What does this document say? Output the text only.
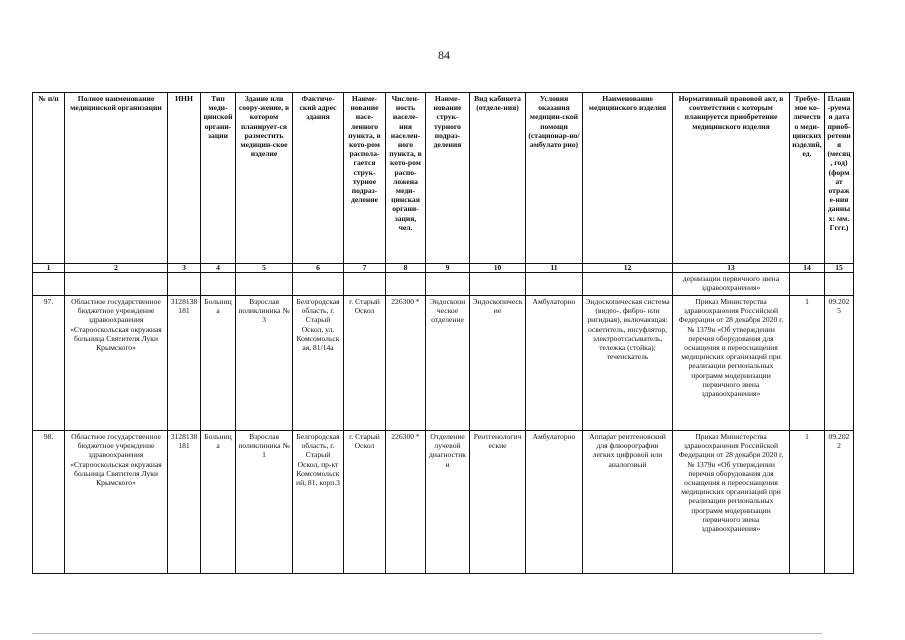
84
№ п/п	Полное наименование медицинской организации	ИНН	Тип меди-цинской органи-зации	Здание или соору-жение, в котором планирует-ся разместить медицин-ское изделие	Фактиче-ский адрес здания	Наиме-нование насе-ленного пункта, в кото-ром распола-гается струк-турное подраз-деление	Числен-ность населе-ния населен-ного пункта, в кото-ром распо-ложена меди-цинская органи-зация, чел.	Наиме-нование струк-турного подраз-деления	Вид кабинета (отделе-ния)	Условия оказания медицин-ской помощи (стационар-но/амбулато рно)	Наименование медицинского изделия	Нормативный правовой акт, в соответствии с которым планируется приобретение медицинского изделия	Требуе-мое ко-личество меди-цинских изделий, ед.	Плани-руемая дата приоб-ретения (месяц, год) (формат отраже-ния данных: мм. Гггг.)
1	2	3	4	5	6	7	8	9	10	11	12	13	14	15
												дернизации первичного звена здравоохранения»		
97.	Областное государственное бюджетное учреждение здравоохранения «Старооскольская окружная больница Святителя Луки Крымского»	3128138181	Больница	Взрослая поликлиника № 3	Белгородская область, г. Старый Оскол, ул. Комсомольская, 81/14а	г. Старый Оскол	226300 *	Эндоскопическое отделение	Эндоскопические	Амбулаторно	Эндоскопическая система (видео-, фибро- или ригидная), включающая: осветитель, инсуфлятор, электроотсасыватель, тележка (стойка); течеискатель	Приказ Министерства здравоохранения Российской Федерации от 28 декабря 2020 г. № 1379н «Об утверждении перечня оборудования для оснащения и переоснащения медицинских организаций при реализации региональных программ модернизации первичного звена здравоохранения»	1	09.2025
98.	Областное государственное бюджетное учреждение здравоохранения «Старооскольская окружная больница Святителя Луки Крымского»	3128138181	Больница	Взрослая поликлиника № 1	Белгородская область, г. Старый Оскол, пр-кт Комсомольский, 81, корп.3	г. Старый Оскол	226300 *	Отделение лучевой диагностики	Рентгенологические	Амбулаторно	Аппарат рентгеновский для флюорографии легких цифровой или аналоговый	Приказ Министерства здравоохранения Российской Федерации от 28 декабря 2020 г. № 1379н «Об утверждении перечня оборудования для оснащения и переоснащения медицинских организаций при реализации региональных программ модернизации первичного звена здравоохранения»	1	09.2022
